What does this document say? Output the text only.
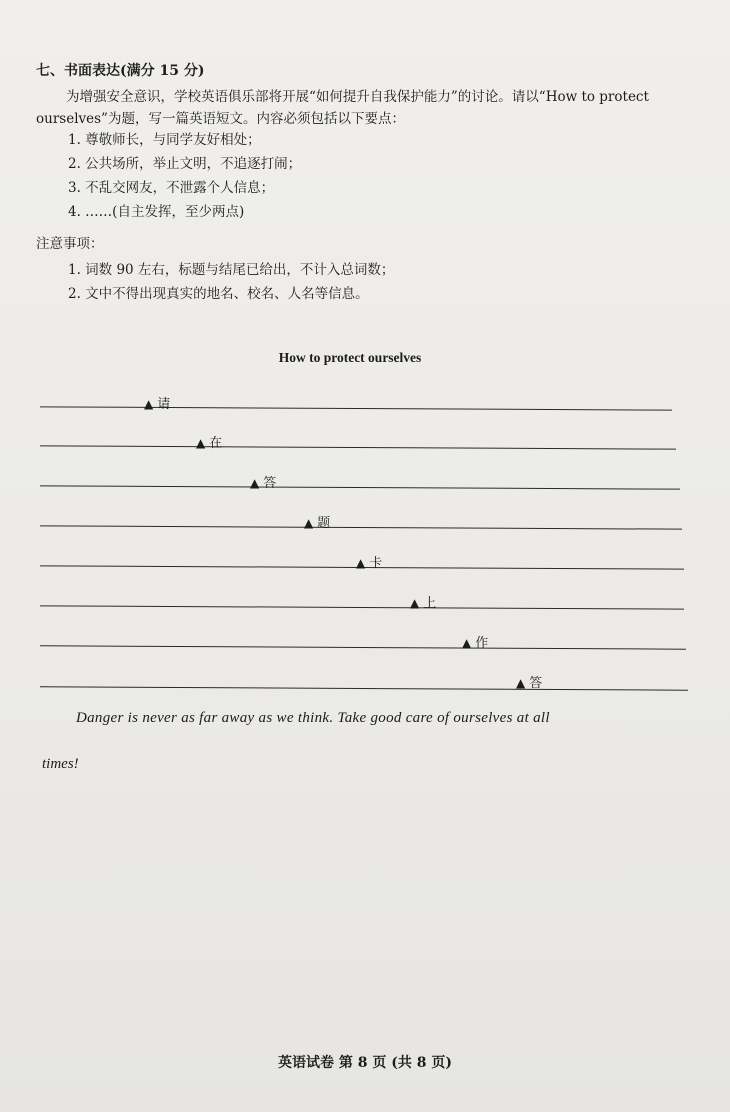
七、书面表达(满分 15 分)
为增强安全意识，学校英语俱乐部将开展“如何提升自我保护能力”的讨论。请以“How to protect ourselves”为题，写一篇英语短文。内容必须包括以下要点：
1. 尊敬师长，与同学友好相处；
2. 公共场所，举止文明，不追逐打闹；
3. 不乱交网友，不泄露个人信息；
4. ……(自主发挥，至少两点)
注意事项：
1. 词数 90 左右，标题与结尾已给出，不计入总词数；
2. 文中不得出现真实的地名、校名、人名等信息。
How to protect ourselves
▲ 请
▲ 在
▲ 答
▲ 题
▲ 卡
▲ 上
▲ 作
▲ 答
Danger is never as far away as we think. Take good care of ourselves at all
times!
英语试卷 第 8 页 (共 8 页)
